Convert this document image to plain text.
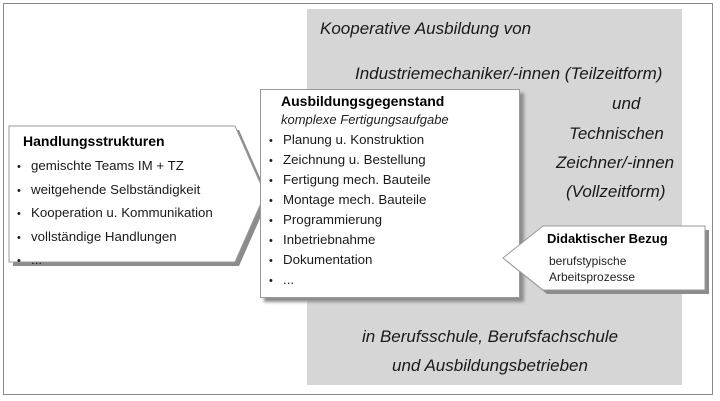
Kooperative Ausbildung von
Industriemechaniker/-innen (Teilzeitform)
und
Technischen
Zeichner/-innen
(Vollzeitform)
in Berufsschule, Berufsfachschule
und Ausbildungsbetrieben
Handlungsstrukturen
• gemischte Teams IM + TZ
• weitgehende Selbständigkeit
• Kooperation u. Kommunikation
• vollständige Handlungen
• ...
Ausbildungsgegenstand
komplexe Fertigungsaufgabe
• Planung u. Konstruktion
• Zeichnung u. Bestellung
• Fertigung mech. Bauteile
• Montage mech. Bauteile
• Programmierung
• Inbetriebnahme
• Dokumentation
• ...
Didaktischer Bezug
berufstypische
Arbeitsprozesse
